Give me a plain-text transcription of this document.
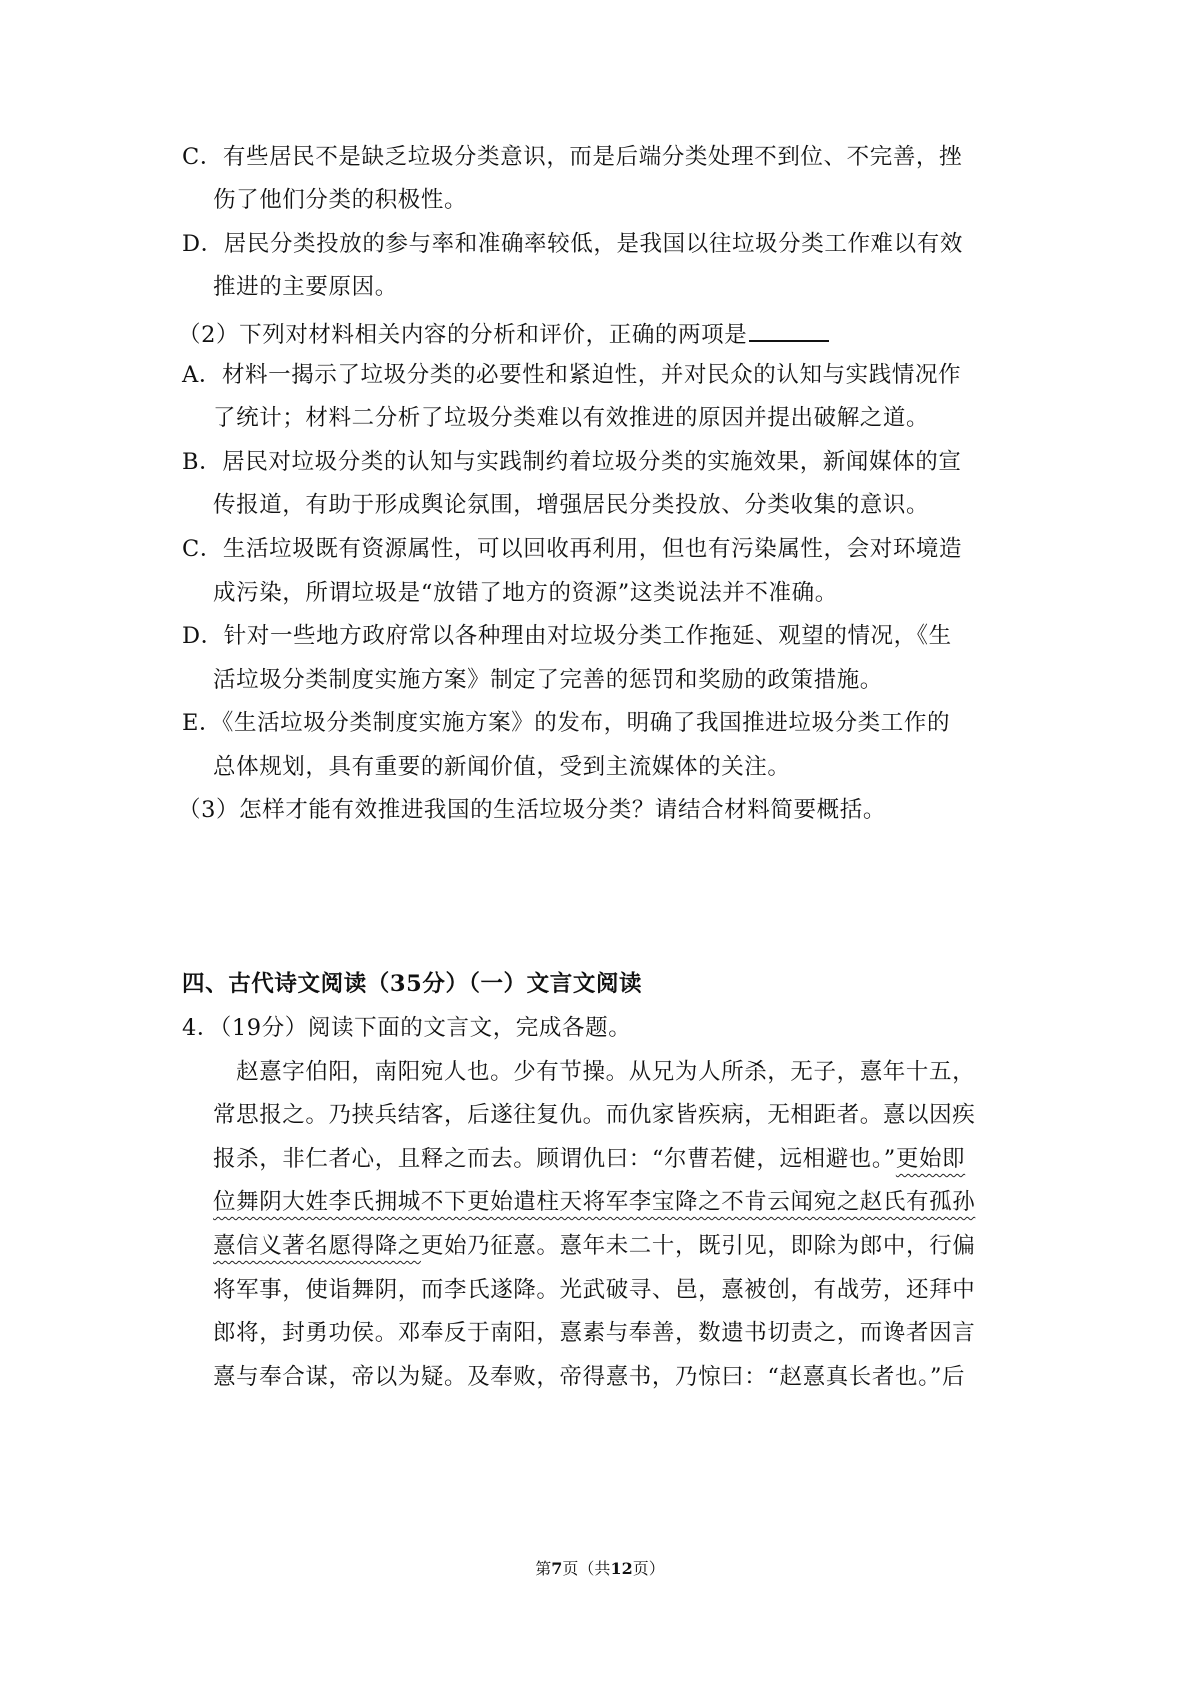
C．有些居民不是缺乏垃圾分类意识，而是后端分类处理不到位、不完善，挫
伤了他们分类的积极性。
D．居民分类投放的参与率和准确率较低，是我国以往垃圾分类工作难以有效
推进的主要原因。
（2）下列对材料相关内容的分析和评价，正确的两项是
A．材料一揭示了垃圾分类的必要性和紧迫性，并对民众的认知与实践情况作
了统计；材料二分析了垃圾分类难以有效推进的原因并提出破解之道。
B．居民对垃圾分类的认知与实践制约着垃圾分类的实施效果，新闻媒体的宣
传报道，有助于形成舆论氛围，增强居民分类投放、分类收集的意识。
C．生活垃圾既有资源属性，可以回收再利用，但也有污染属性，会对环境造
成污染，所谓垃圾是“放错了地方的资源”这类说法并不准确。
D．针对一些地方政府常以各种理由对垃圾分类工作拖延、观望的情况，《生
活垃圾分类制度实施方案》制定了完善的惩罚和奖励的政策措施。
E．《生活垃圾分类制度实施方案》的发布，明确了我国推进垃圾分类工作的
总体规划，具有重要的新闻价值，受到主流媒体的关注。
（3）怎样才能有效推进我国的生活垃圾分类？请结合材料简要概括。
四、古代诗文阅读（35分）（一）文言文阅读
4．（19分）阅读下面的文言文，完成各题。
赵憙字伯阳，南阳宛人也。少有节操。从兄为人所杀，无子，憙年十五，
常思报之。乃挟兵结客，后遂往复仇。而仇家皆疾病，无相距者。憙以因疾
报杀，非仁者心，且释之而去。顾谓仇曰：“尔曹若健，远相避也。”更始即
位舞阴大姓李氏拥城不下更始遣柱天将军李宝降之不肯云闻宛之赵氏有孤孙
憙信义著名愿得降之更始乃征憙。憙年未二十，既引见，即除为郎中，行偏
将军事，使诣舞阴，而李氏遂降。光武破寻、邑，憙被创，有战劳，还拜中
郎将，封勇功侯。邓奉反于南阳，憙素与奉善，数遗书切责之，而谗者因言
憙与奉合谋，帝以为疑。及奉败，帝得憙书，乃惊曰：“赵憙真长者也。”后
第7页（共12页）
